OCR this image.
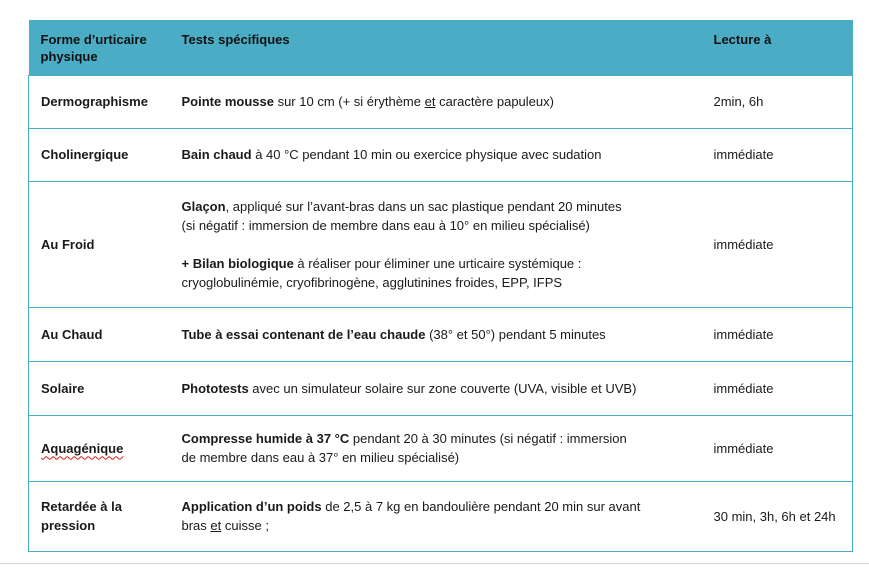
Forme d’urticaire physique	Tests spécifiques	Lecture à
Dermographisme	Pointe mousse sur 10 cm (+ si érythème et caractère papuleux)	2min, 6h
Cholinergique	Bain chaud à 40 °C pendant 10 min ou exercice physique avec sudation	immédiate
Au Froid	Glaçon, appliqué sur l’avant-bras dans un sac plastique pendant 20 minutes
(si négatif : immersion de membre dans eau à 10° en milieu spécialisé)
+ Bilan biologique à réaliser pour éliminer une urticaire systémique :
cryoglobulinémie, cryofibrinogène, agglutinines froides, EPP, IFPS	immédiate
Au Chaud	Tube à essai contenant de l’eau chaude (38° et 50°) pendant 5 minutes	immédiate
Solaire	Phototests avec un simulateur solaire sur zone couverte (UVA, visible et UVB)	immédiate
Aquagénique	Compresse humide à 37 °C pendant 20 à 30 minutes (si négatif : immersion
de membre dans eau à 37° en milieu spécialisé)	immédiate
Retardée à la pression	Application d’un poids de 2,5 à 7 kg en bandoulière pendant 20 min sur avant
bras et cuisse ;	30 min, 3h, 6h et 24h
